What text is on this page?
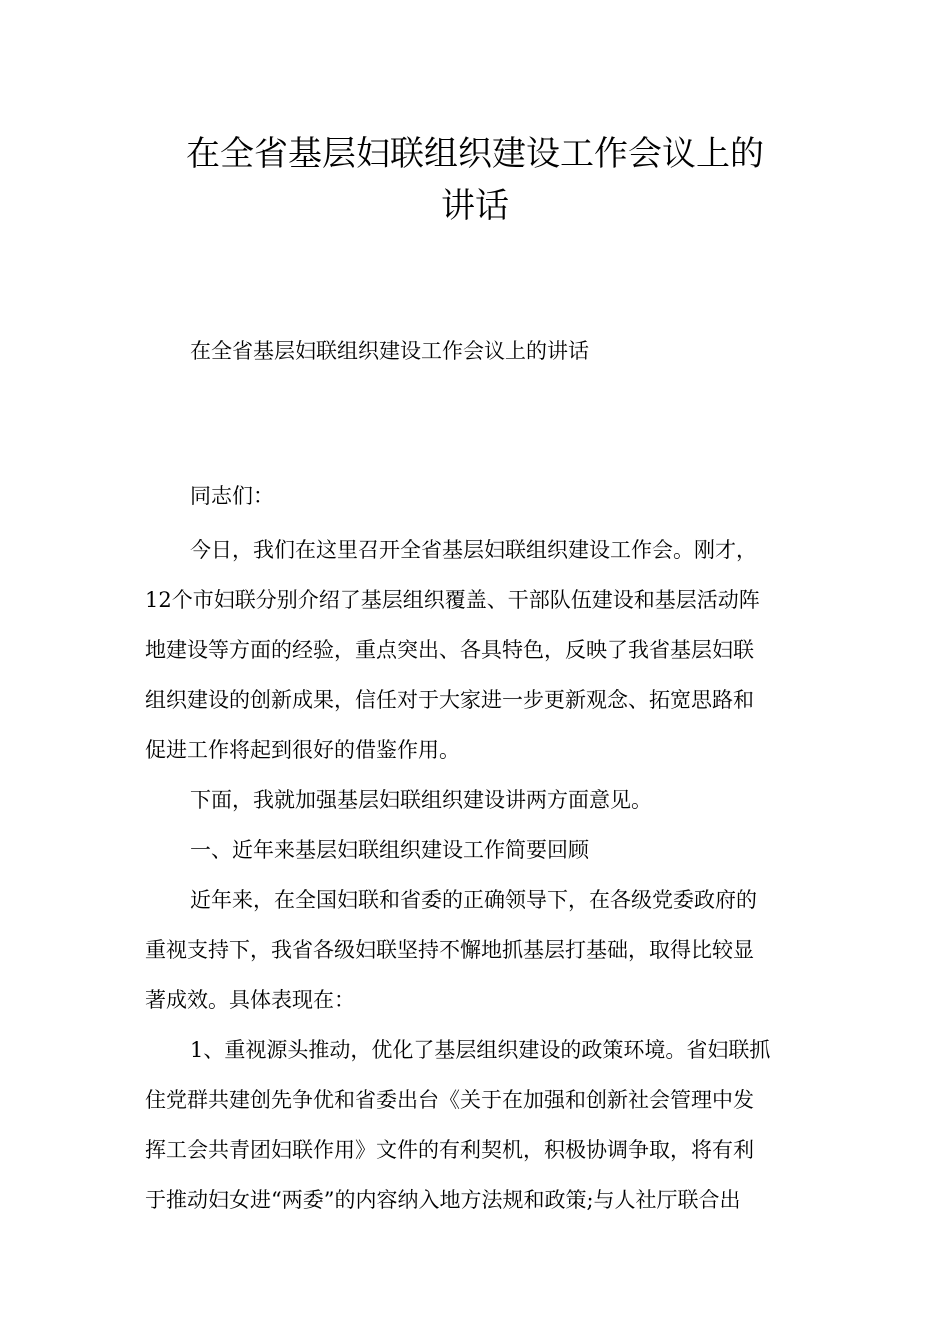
在全省基层妇联组织建设工作会议上的
讲话
在全省基层妇联组织建设工作会议上的讲话
同志们：
今日，我们在这里召开全省基层妇联组织建设工作会。刚才，
12个市妇联分别介绍了基层组织覆盖、干部队伍建设和基层活动阵
地建设等方面的经验，重点突出、各具特色，反映了我省基层妇联
组织建设的创新成果，信任对于大家进一步更新观念、拓宽思路和
促进工作将起到很好的借鉴作用。
下面，我就加强基层妇联组织建设讲两方面意见。
一、近年来基层妇联组织建设工作简要回顾
近年来，在全国妇联和省委的正确领导下，在各级党委政府的
重视支持下，我省各级妇联坚持不懈地抓基层打基础，取得比较显
著成效。具体表现在：
1、重视源头推动，优化了基层组织建设的政策环境。省妇联抓
住党群共建创先争优和省委出台《关于在加强和创新社会管理中发
挥工会共青团妇联作用》文件的有利契机，积极协调争取，将有利
于推动妇女进“两委”的内容纳入地方法规和政策;与人社厅联合出
